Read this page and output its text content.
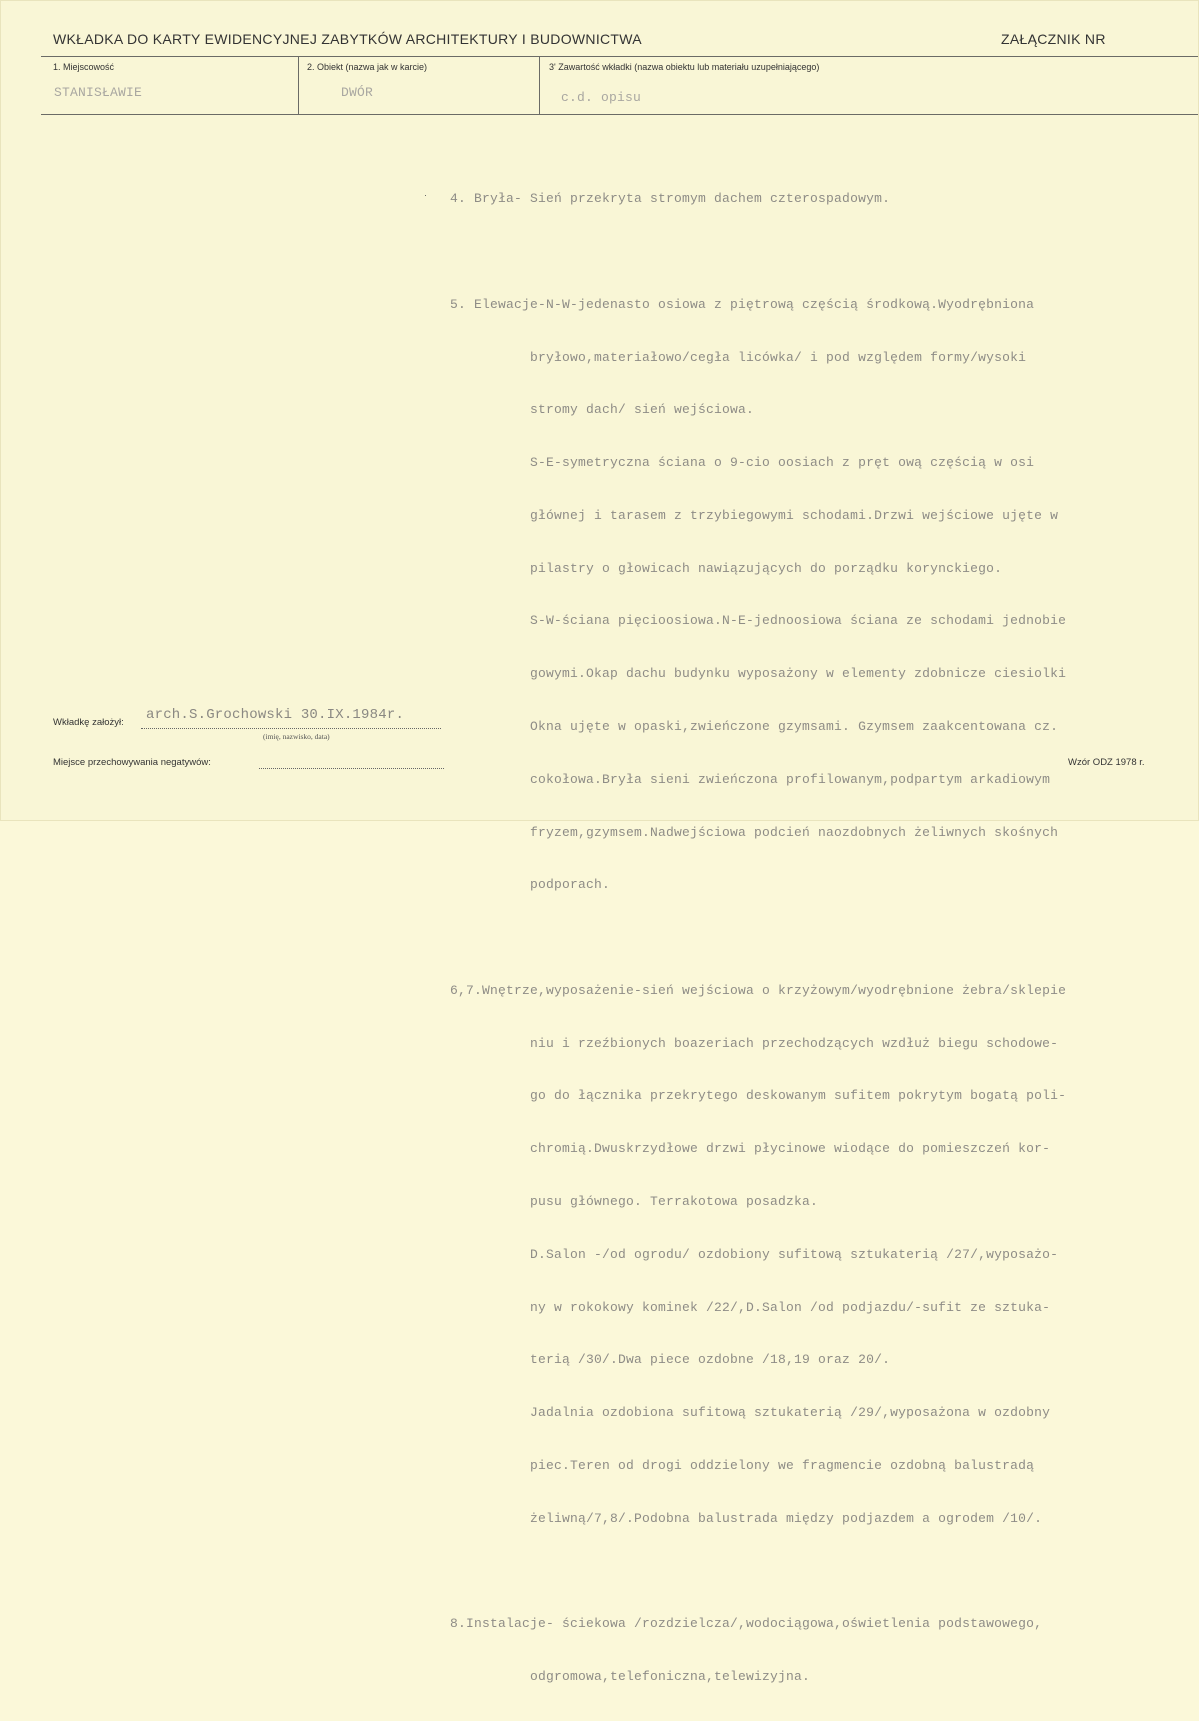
WKŁADKA DO KARTY EWIDENCYJNEJ ZABYTKÓW ARCHITEKTURY I BUDOWNICTWA	ZAŁĄCZNIK NR
1. Miejscowość	2. Obiekt (nazwa jak w karcie)	3' Zawartość wkładki (nazwa obiektu lub materiału uzupełniającego)
STANISŁAWIE	DWÓR	c.d. opisu
·

4. Bryła- Sień przekryta stromym dachem czterospadowym.

5. Elewacje-N-W-jedenasto osiowa z piętrową częścią środkową.Wyodrębniona

bryłowo,materiałowo/cegła licówka/ i pod względem formy/wysoki

stromy dach/ sień wejściowa.

S-E-symetryczna ściana o 9-cio oosiach z pręt ową częścią w osi

głównej i tarasem z trzybiegowymi schodami.Drzwi wejściowe ujęte w

pilastry o głowicach nawiązujących do porządku korynckiego.

S-W-ściana pięcioosiowa.N-E-jednoosiowa ściana ze schodami jednobie

gowymi.Okap dachu budynku wyposażony w elementy zdobnicze ciesiolki

Okna ujęte w opaski,zwieńczone gzymsami. Gzymsem zaakcentowana cz.

cokołowa.Bryła sieni zwieńczona profilowanym,podpartym arkadiowym

fryzem,gzymsem.Nadwejściowa podcień naozdobnych żeliwnych skośnych

podporach.

6,7.Wnętrze,wyposażenie-sień wejściowa o krzyżowym/wyodrębnione żebra/sklepie

niu i rzeźbionych boazeriach przechodzących wzdłuż biegu schodowe-

go do łącznika przekrytego deskowanym sufitem pokrytym bogatą poli-

chromią.Dwuskrzydłowe drzwi płycinowe wiodące do pomieszczeń kor-

pusu głównego. Terrakotowa posadzka.

D.Salon -/od ogrodu/ ozdobiony sufitową sztukaterią /27/,wyposażo-

ny w rokokowy kominek /22/,D.Salon /od podjazdu/-sufit ze sztuka-

terią /30/.Dwa piece ozdobne /18,19 oraz 20/.

Jadalnia ozdobiona sufitową sztukaterią /29/,wyposażona w ozdobny

piec.Teren od drogi oddzielony we fragmencie ozdobną balustradą

żeliwną/7,8/.Podobna balustrada między podjazdem a ogrodem /10/.

8.Instalacje- ściekowa /rozdzielcza/,wodociągowa,oświetlenia podstawowego,

odgromowa,telefoniczna,telewizyjna.

Wkładkę założył: arch.S.Grochowski 30.IX.1984r.
(imię, nazwisko, data)
Miejsce przechowywania negatywów:	Wzór ODZ 1978 r.
